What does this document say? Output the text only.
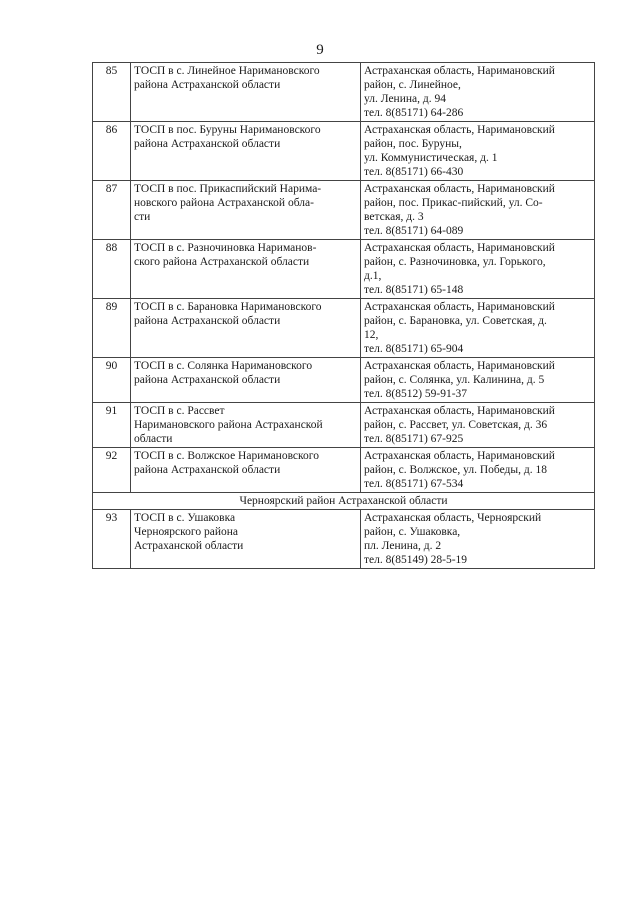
9
85	ТОСП в с. Линейное Наримановского
района Астраханской области	Астраханская область, Наримановский
район, с. Линейное,
ул. Ленина, д. 94
тел. 8(85171) 64-286

86	ТОСП в пос. Буруны Наримановского
района Астраханской области	Астраханская область, Наримановский
район, пос. Буруны,
ул. Коммунистическая, д. 1
тел. 8(85171) 66-430

87	ТОСП в пос. Прикаспийский Нарима-
новского района Астраханской обла-
сти	Астраханская область, Наримановский
район, пос. Прикас-пийский, ул. Со-
ветская, д. 3
тел. 8(85171) 64-089

88	ТОСП в с. Разночиновка Нариманов-
ского района Астраханской области	Астраханская область, Наримановский
район, с. Разночиновка, ул. Горького,
д.1,
тел. 8(85171) 65-148

89	ТОСП в с. Барановка Наримановского
района Астраханской области	Астраханская область, Наримановский
район, с. Барановка, ул. Советская, д.
12,
тел. 8(85171) 65-904

90	ТОСП в с. Солянка Наримановского
района Астраханской области	Астраханская область, Наримановский
район, с. Солянка, ул. Калинина, д. 5
тел. 8(8512) 59-91-37

91	ТОСП в с. Рассвет
Наримановского района Астраханской
области	Астраханская область, Наримановский
район, с. Рассвет, ул. Советская, д. 36
тел. 8(85171) 67-925

92	ТОСП в с. Волжское Наримановского
района Астраханской области	Астраханская область, Наримановский
район, с. Волжское, ул. Победы, д. 18
тел. 8(85171) 67-534

Черноярский район Астраханской области		
93	ТОСП в с. Ушаковка
Черноярского района
Астраханской области	Астраханская область, Черноярский
район, с. Ушаковка,
пл. Ленина, д. 2
тел. 8(85149) 28-5-19
